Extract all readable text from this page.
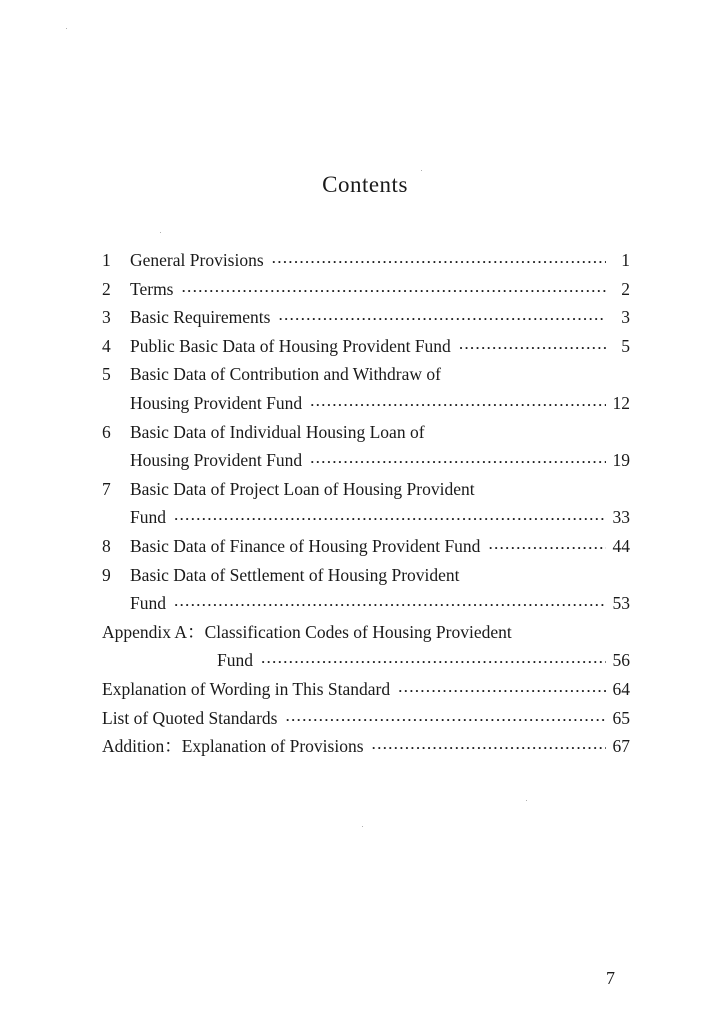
Contents
1	General Provisions ·····	1
2	Terms ·····	2
3	Basic Requirements ·····	3
4	Public Basic Data of Housing Provident Fund ·····	5
5	Basic Data of Contribution and Withdraw of
Housing Provident Fund ·····	12
6	Basic Data of Individual Housing Loan of
Housing Provident Fund ·····	19
7	Basic Data of Project Loan of Housing Provident
Fund ·····	33
8	Basic Data of Finance of Housing Provident Fund ·····	44
9	Basic Data of Settlement of Housing Provident
Fund ·····	53
Appendix A：Classification Codes of Housing Proviedent
Fund ·····	56
Explanation of Wording in This Standard ·····	64
List of Quoted Standards ·····	65
Addition：Explanation of Provisions ·····	67
7
